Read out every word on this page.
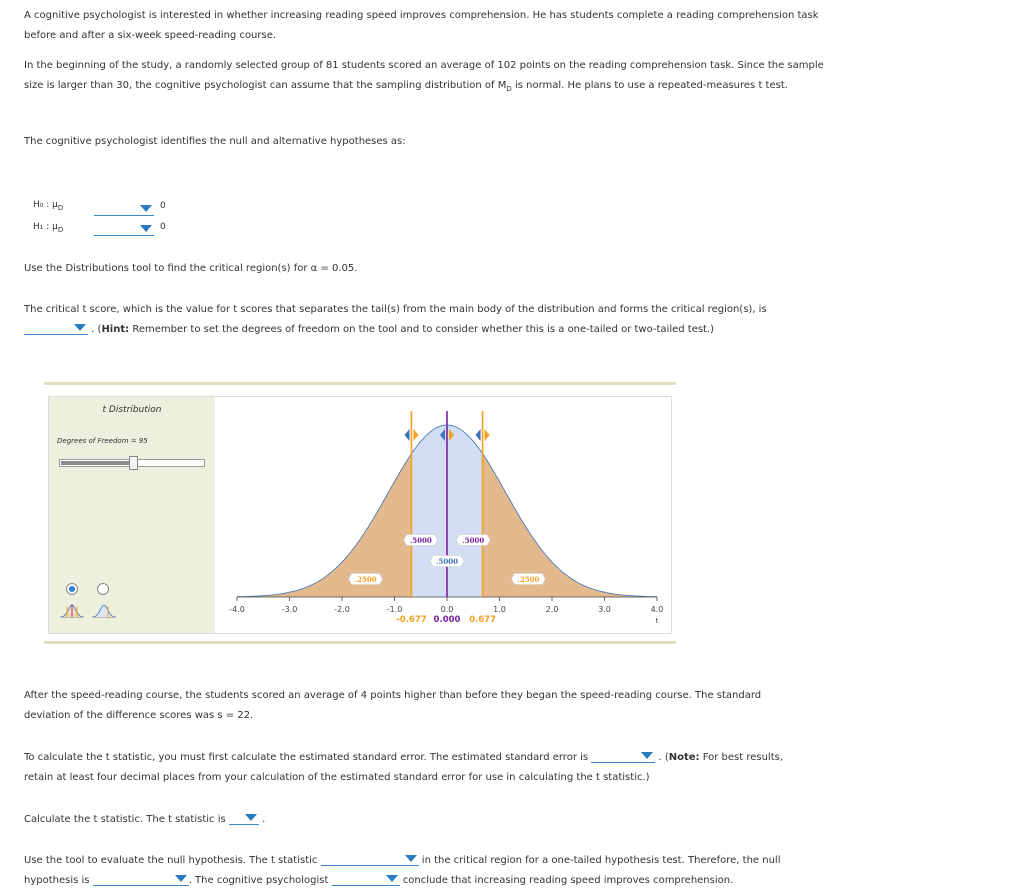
A cognitive psychologist is interested in whether increasing reading speed improves comprehension. He has students complete a reading comprehension task before and after a six-week speed-reading course.

In the beginning of the study, a randomly selected group of 81 students scored an average of 102 points on the reading comprehension task. Since the sample size is larger than 30, the cognitive psychologist can assume that the sampling distribution of $M_D$ is normal. He plans to use a repeated-measures t test.

The cognitive psychologist identifies the null and alternative hypotheses as:

H₀ : $\mu_D$	0
H₁ : $\mu_D$	0

Use the Distributions tool to find the critical region(s) for α = 0.05.

The critical t score, which is the value for t scores that separates the tail(s) from the main body of the distribution and forms the critical region(s), is

. (Hint: Remember to set the degrees of freedom on the tool and to consider whether this is a one-tailed or two-tailed test.)

t Distribution
Degrees of Freedom = 95
-4.0	-3.0	-2.0	-1.0	0.0	1.0	2.0	3.0	4.0
t
-0.677 0.000 0.677
.2500	.2500
.5000	.5000
.5000

After the speed-reading course, the students scored an average of 4 points higher than before they began the speed-reading course. The standard deviation of the difference scores was s = 22.

To calculate the t statistic, you must first calculate the estimated standard error. The estimated standard error is	. (Note: For best results, retain at least four decimal places from your calculation of the estimated standard error for use in calculating the t statistic.)

Calculate the t statistic. The t statistic is	.

Use the tool to evaluate the null hypothesis. The t statistic	in the critical region for a one-tailed hypothesis test. Therefore, the null
hypothesis is	. The cognitive psychologist	conclude that increasing reading speed improves comprehension.
